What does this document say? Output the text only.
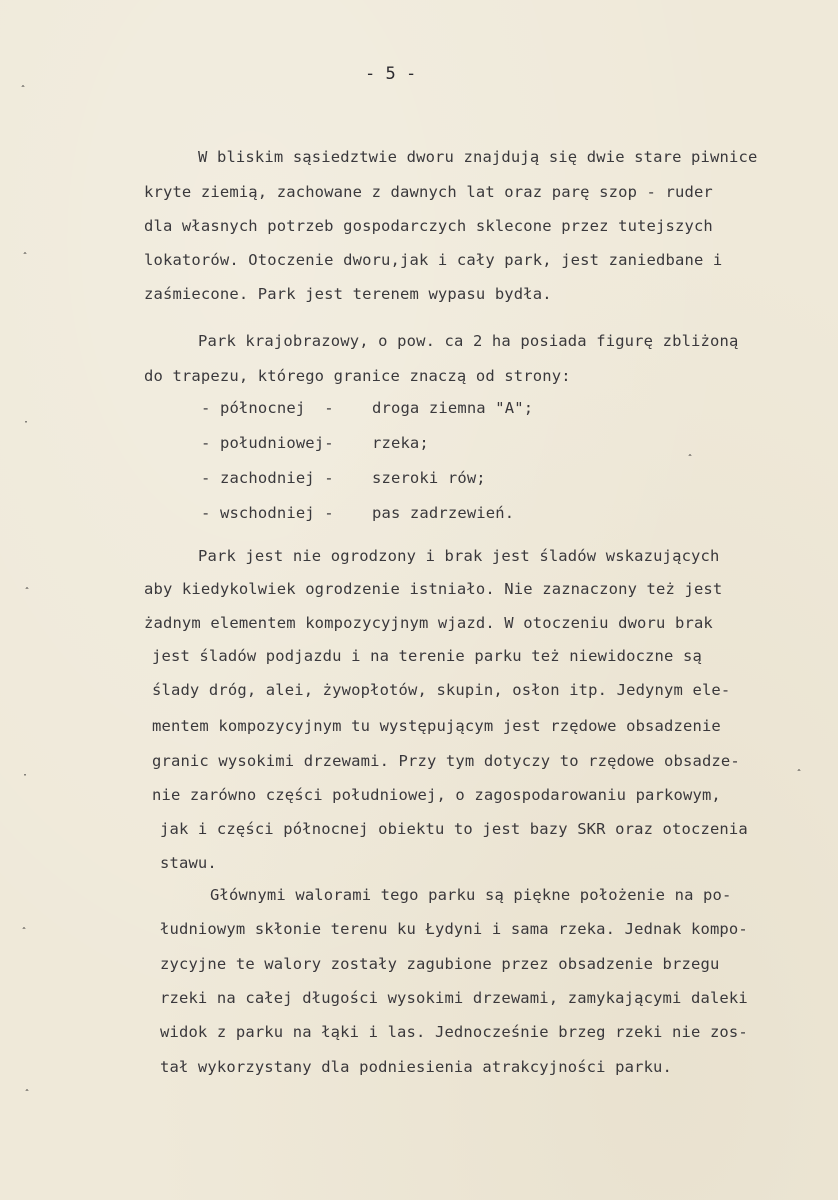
- 5 -
ˆ
ˆ
·
ˆ
·
ˆ
ˆ
ˆ
ˆ
W bliskim sąsiedztwie dworu znajdują się dwie stare piwnice
kryte ziemią, zachowane z dawnych lat oraz parę szop - ruder
dla własnych potrzeb gospodarczych sklecone przez tutejszych
lokatorów. Otoczenie dworu,jak i cały park, jest zaniedbane i
zaśmiecone. Park jest terenem wypasu bydła.
Park krajobrazowy, o pow. ca 2 ha posiada figurę zbliżoną
do trapezu, którego granice znaczą od strony:
- północnej  - droga ziemna "A";
- południowej- rzeka;
- zachodniej - szeroki rów;
- wschodniej - pas zadrzewień.
Park jest nie ogrodzony i brak jest śladów wskazujących
aby kiedykolwiek ogrodzenie istniało. Nie zaznaczony też jest
żadnym elementem kompozycyjnym wjazd. W otoczeniu dworu brak
jest śladów podjazdu i na terenie parku też niewidoczne są
ślady dróg, alei, żywopłotów, skupin, osłon itp. Jedynym ele-
mentem kompozycyjnym tu występującym jest rzędowe obsadzenie
granic wysokimi drzewami. Przy tym dotyczy to rzędowe obsadze-
nie zarówno części południowej, o zagospodarowaniu parkowym,
jak i części północnej obiektu to jest bazy SKR oraz otoczenia
stawu.
Głównymi walorami tego parku są piękne położenie na po-
łudniowym skłonie terenu ku Łydyni i sama rzeka. Jednak kompo-
zycyjne te walory zostały zagubione przez obsadzenie brzegu
rzeki na całej długości wysokimi drzewami, zamykającymi daleki
widok z parku na łąki i las. Jednocześnie brzeg rzeki nie zos-
tał wykorzystany dla podniesienia atrakcyjności parku.
